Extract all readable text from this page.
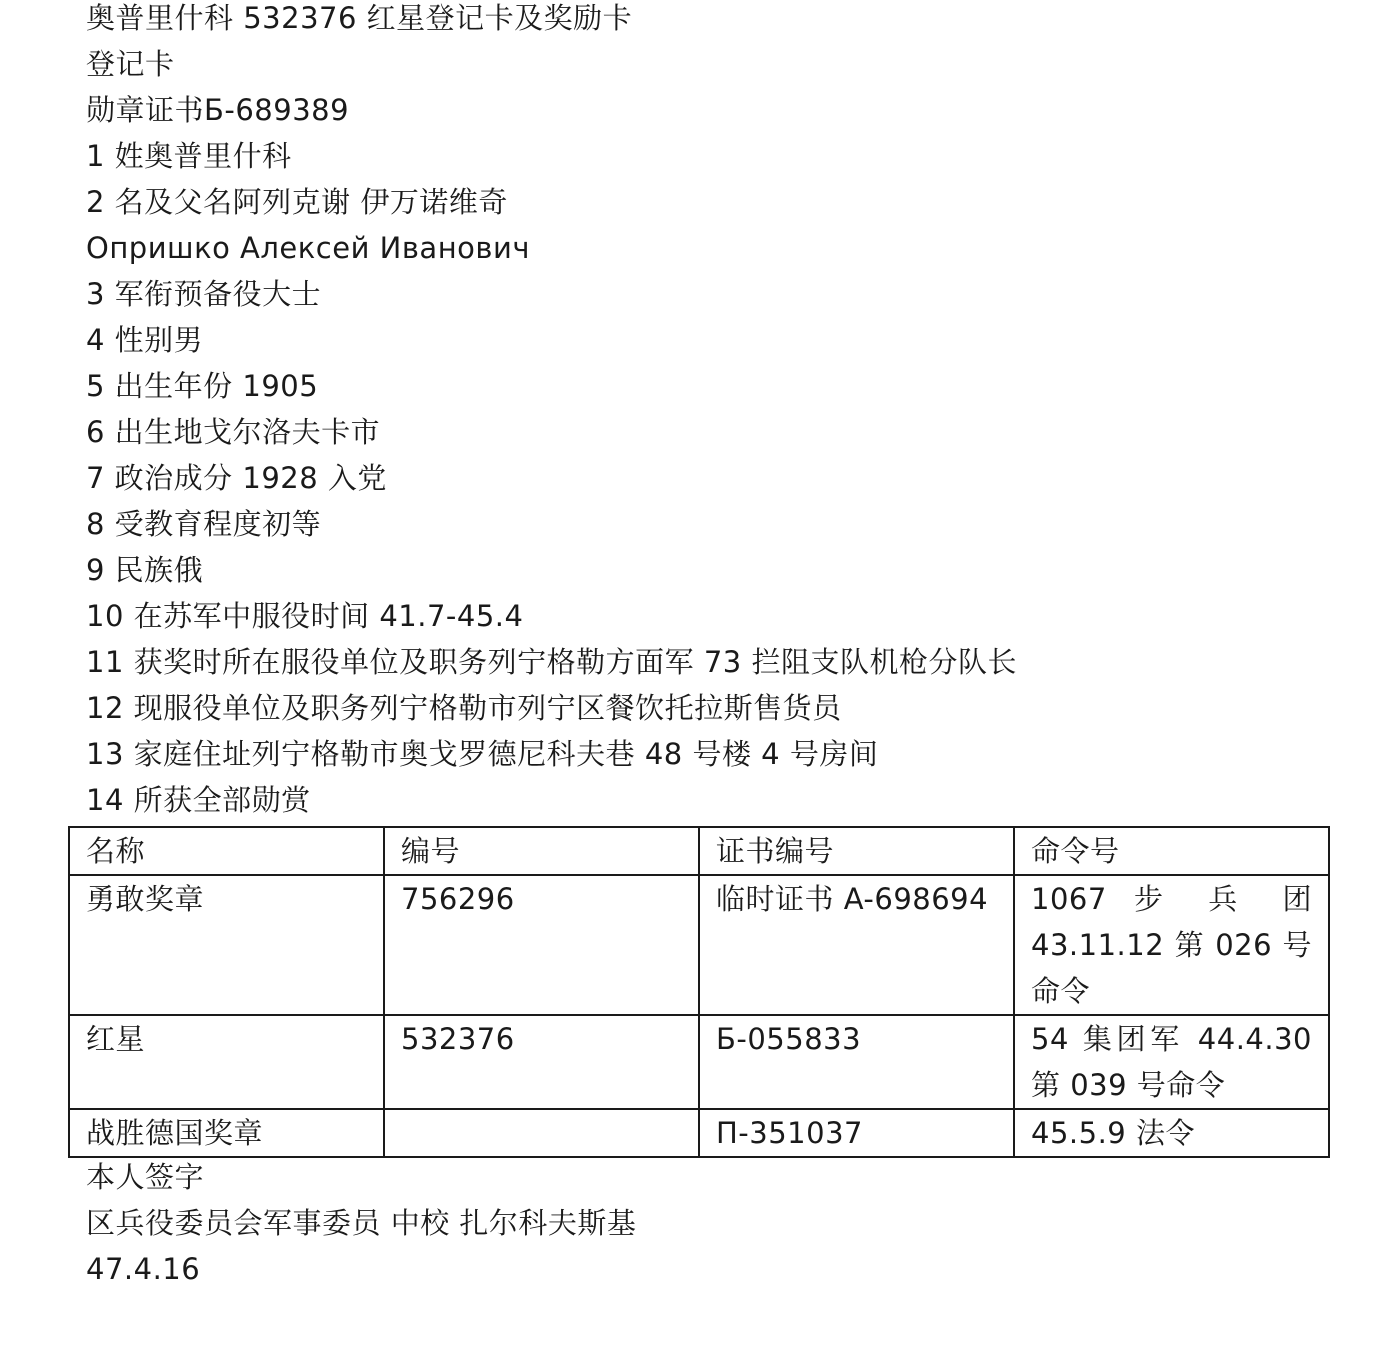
奥普里什科 532376 红星登记卡及奖励卡
登记卡
勋章证书Б-689389
1 姓奥普里什科
2 名及父名阿列克谢 伊万诺维奇
Опришко Алексей Иванович
3 军衔预备役大士
4 性别男
5 出生年份 1905
6 出生地戈尔洛夫卡市
7 政治成分 1928 入党
8 受教育程度初等
9 民族俄
10 在苏军中服役时间 41.7-45.4
11 获奖时所在服役单位及职务列宁格勒方面军 73 拦阻支队机枪分队长
12 现服役单位及职务列宁格勒市列宁区餐饮托拉斯售货员
13 家庭住址列宁格勒市奥戈罗德尼科夫巷 48 号楼 4 号房间
14 所获全部勋赏
名称	编号	证书编号	命令号
勇敢奖章	756296	临时证书 A-698694	1067 步 兵 团 43.11.12 第 026 号命令
红星	532376	Б-055833	54 集团军 44.4.30 第 039 号命令
战胜德国奖章		П-351037	45.5.9 法令
本人签字
区兵役委员会军事委员 中校 扎尔科夫斯基
47.4.16
